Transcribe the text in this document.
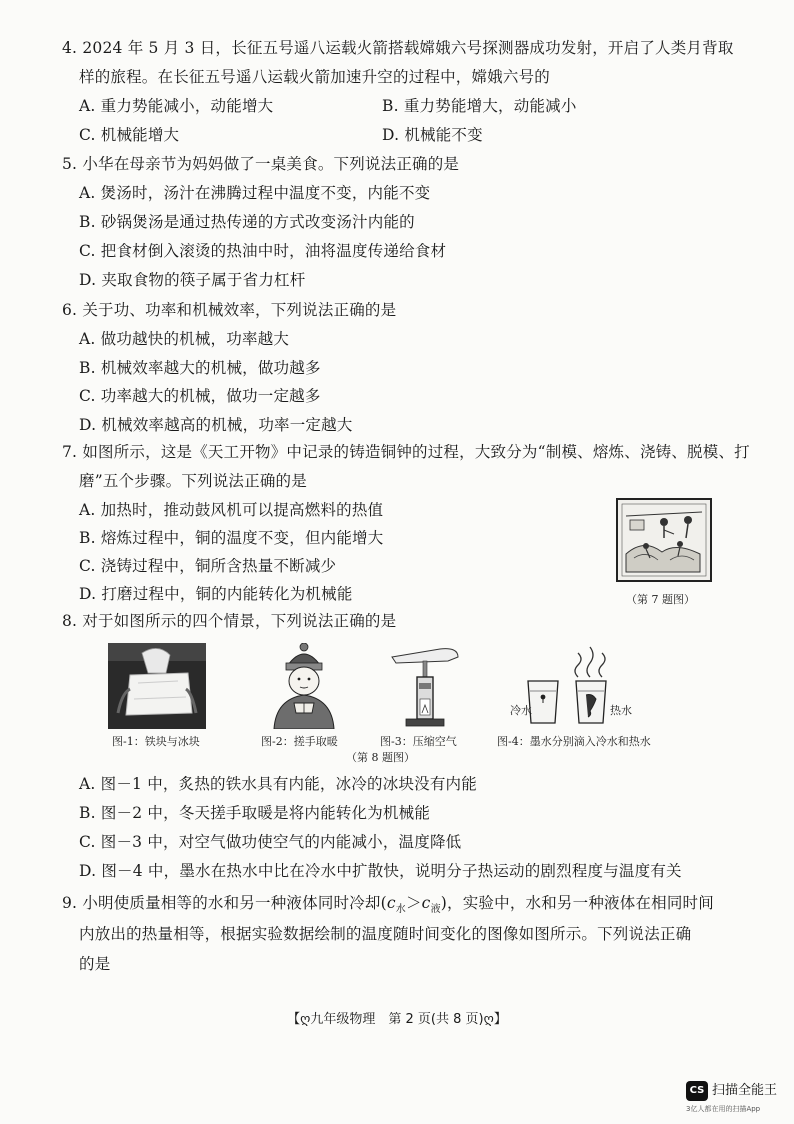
4. 2024 年 5 月 3 日，长征五号遥八运载火箭搭载嫦娥六号探测器成功发射，开启了人类月背取
样的旅程。在长征五号遥八运载火箭加速升空的过程中，嫦娥六号的
A. 重力势能减小，动能增大	B. 重力势能增大，动能减小
C. 机械能增大	D. 机械能不变
5. 小华在母亲节为妈妈做了一桌美食。下列说法正确的是
A. 煲汤时，汤汁在沸腾过程中温度不变，内能不变
B. 砂锅煲汤是通过热传递的方式改变汤汁内能的
C. 把食材倒入滚烫的热油中时，油将温度传递给食材
D. 夹取食物的筷子属于省力杠杆
6. 关于功、功率和机械效率，下列说法正确的是
A. 做功越快的机械，功率越大
B. 机械效率越大的机械，做功越多
C. 功率越大的机械，做功一定越多
D. 机械效率越高的机械，功率一定越大
7. 如图所示，这是《天工开物》中记录的铸造铜钟的过程，大致分为“制模、熔炼、浇铸、脱模、打
磨”五个步骤。下列说法正确的是
A. 加热时，推动鼓风机可以提高燃料的热值
B. 熔炼过程中，铜的温度不变，但内能增大
C. 浇铸过程中，铜所含热量不断减少
D. 打磨过程中，铜的内能转化为机械能	（第 7 题图）
8. 对于如图所示的四个情景，下列说法正确的是
图-1：铁块与冰块	图-2：搓手取暖	图-3：压缩空气
冷水	热水
图-4：墨水分别滴入冷水和热水
（第 8 题图）
A. 图－1 中，炙热的铁水具有内能，冰冷的冰块没有内能
B. 图－2 中，冬天搓手取暖是将内能转化为机械能
C. 图－3 中，对空气做功使空气的内能减小，温度降低
D. 图－4 中，墨水在热水中比在冷水中扩散快，说明分子热运动的剧烈程度与温度有关
9. 小明使质量相等的水和另一种液体同时冷却$(c_水>c_液)$，实验中，水和另一种液体在相同时间
内放出的热量相等，根据实验数据绘制的温度随时间变化的图像如图所示。下列说法正确
的是
【ღ九年级物理　第 2 页(共 8 页)ღ】
CS 扫描全能王
3亿人都在用的扫描App
